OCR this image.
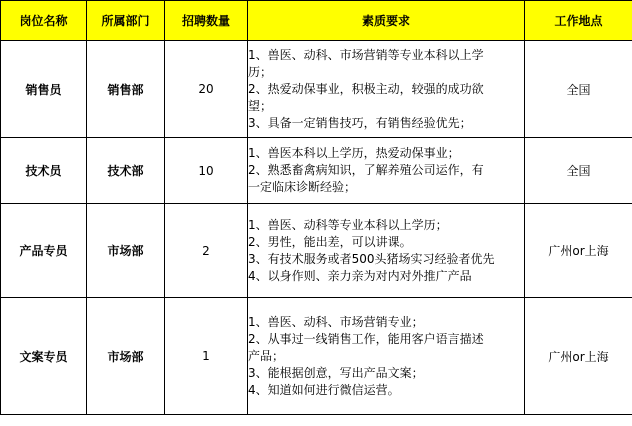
岗位名称	所属部门	招聘数量	素质要求	工作地点
销售员	销售部	20	1、兽医、动科、市场营销等专业本科以上学
历；
2、热爱动保事业，积极主动，较强的成功欲
望；
3、具备一定销售技巧，有销售经验优先；	全国
技术员	技术部	10	1、兽医本科以上学历，热爱动保事业；
2、熟悉畜禽病知识，了解养殖公司运作，有
一定临床诊断经验；	全国
产品专员	市场部	2	1、兽医、动科等专业本科以上学历；
2、男性，能出差，可以讲课。
3、有技术服务或者500头猪场实习经验者优先
4、以身作则、亲力亲为对内对外推广产品	广州or上海
文案专员	市场部	1	1、兽医、动科、市场营销专业；
2、从事过一线销售工作，能用客户语言描述
产品；
3、能根据创意，写出产品文案；
4、知道如何进行微信运营。	广州or上海
